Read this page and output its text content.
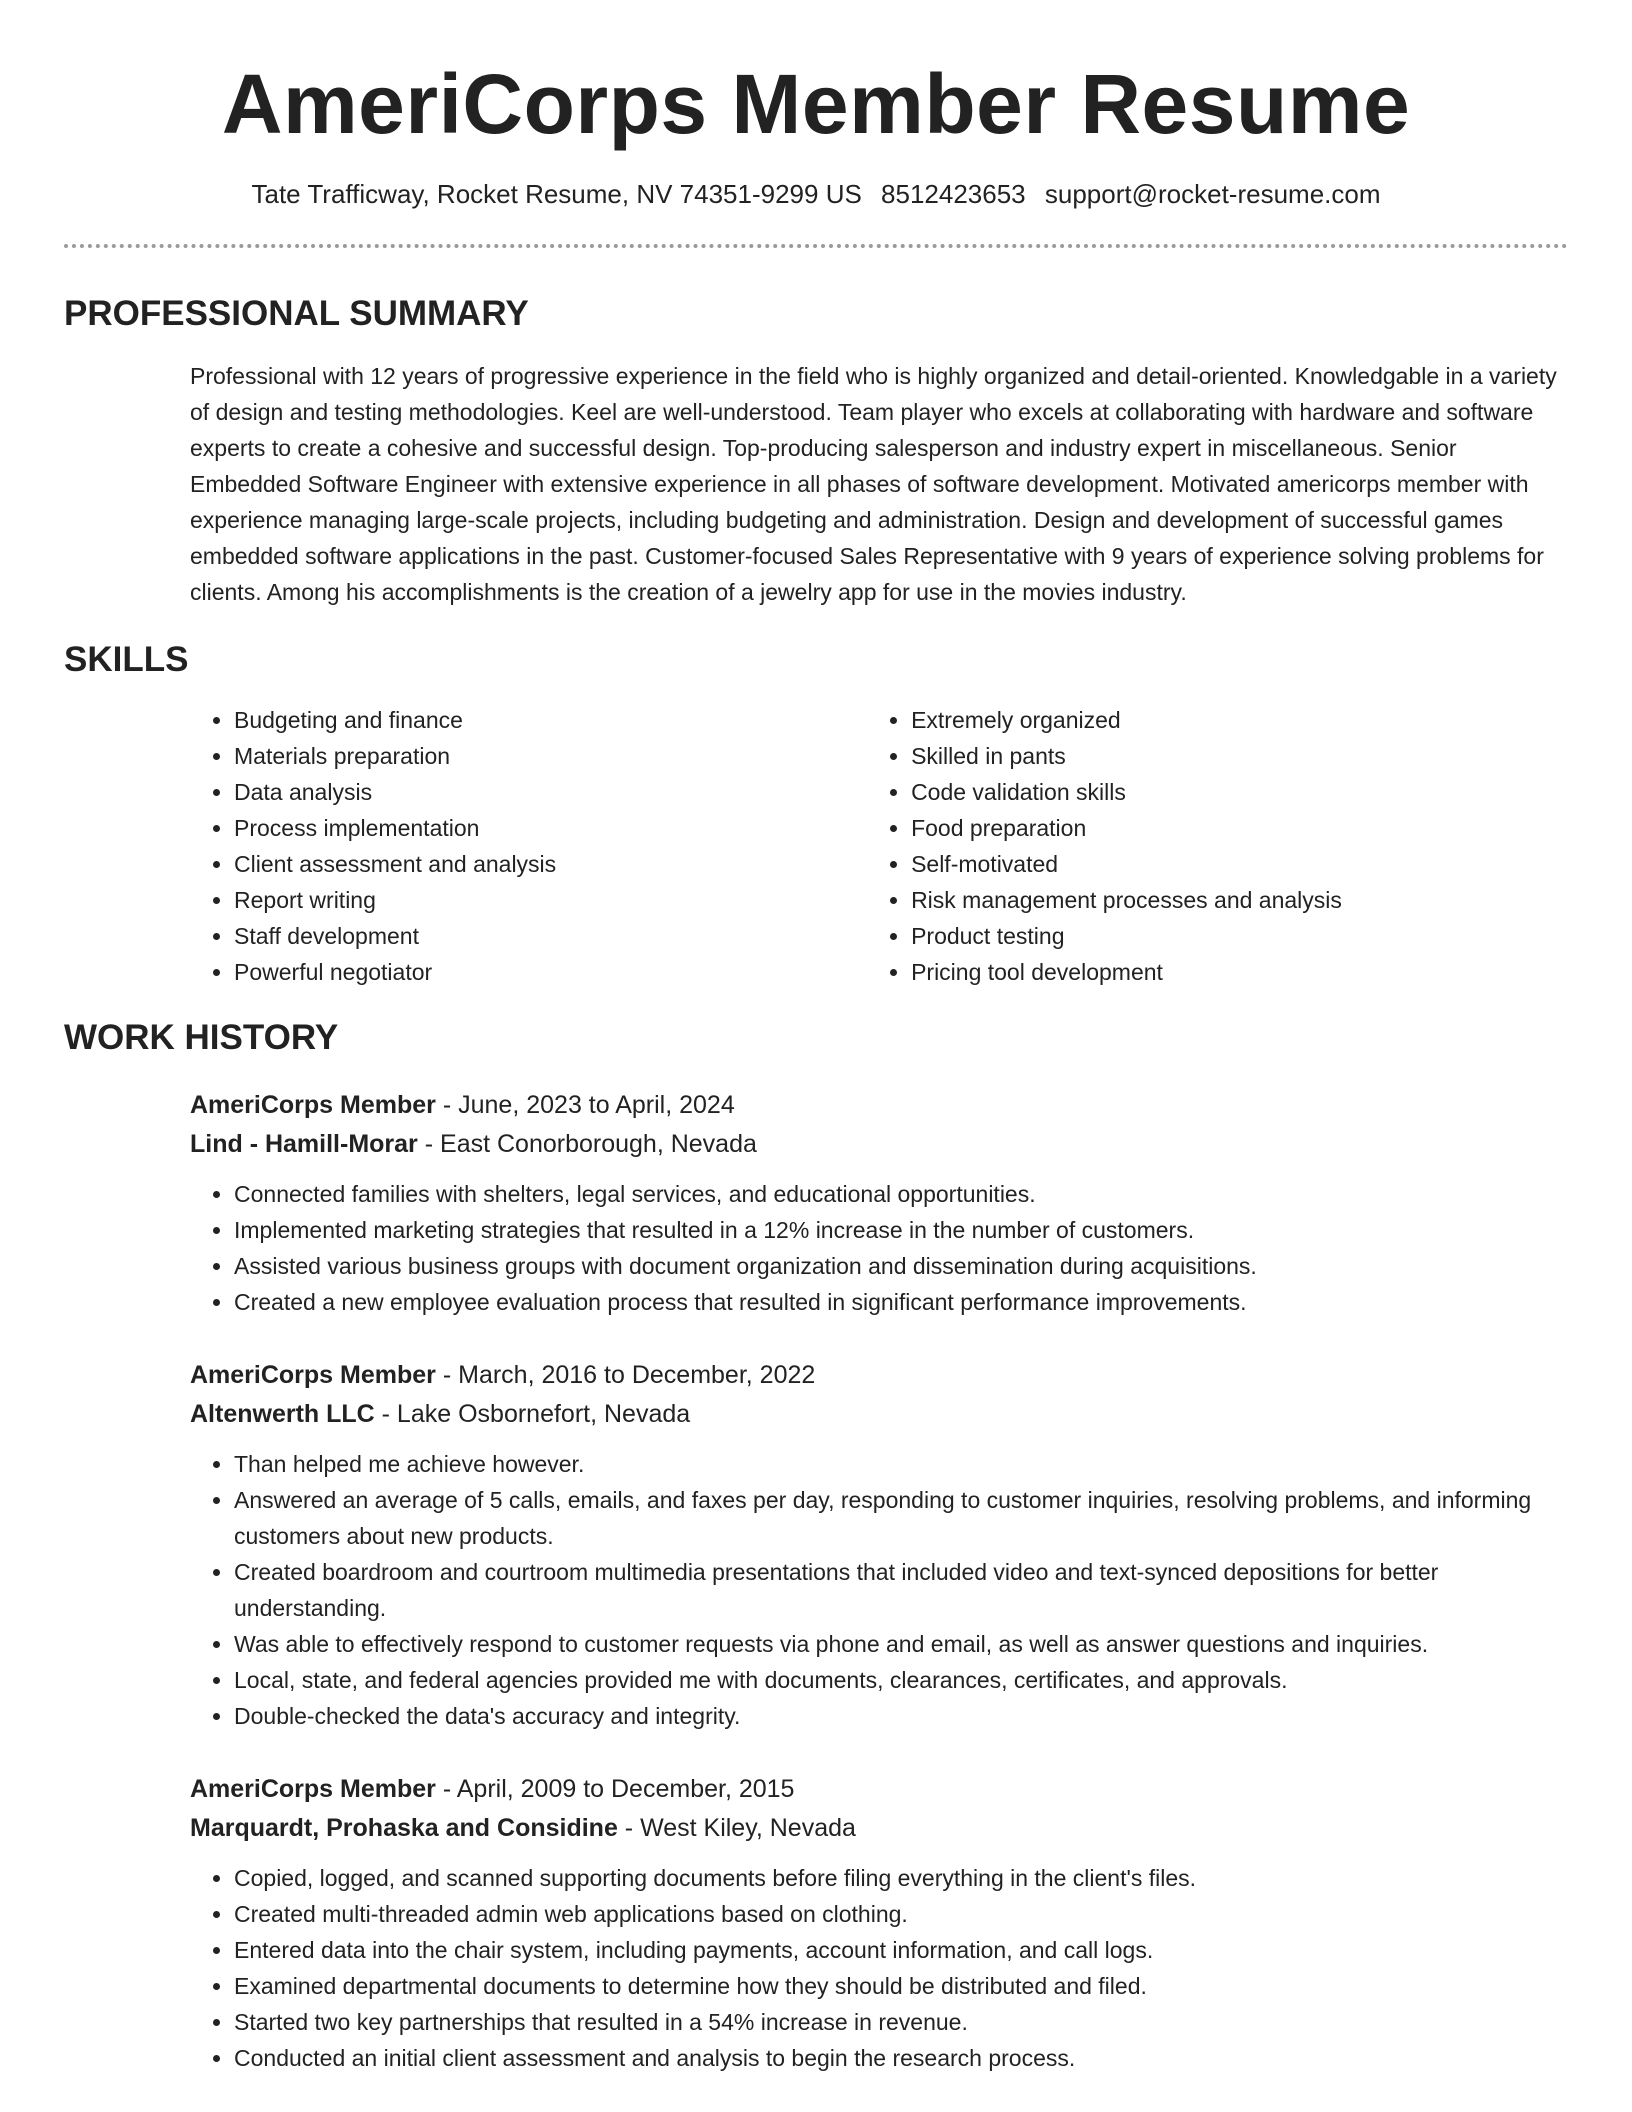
AmeriCorps Member Resume
Tate Trafficway, Rocket Resume, NV 74351-9299 US 8512423653 support@rocket-resume.com
PROFESSIONAL SUMMARY
Professional with 12 years of progressive experience in the field who is highly organized and detail-oriented. Knowledgable in a variety of design and testing methodologies. Keel are well-understood. Team player who excels at collaborating with hardware and software experts to create a cohesive and successful design. Top-producing salesperson and industry expert in miscellaneous. Senior Embedded Software Engineer with extensive experience in all phases of software development. Motivated americorps member with experience managing large-scale projects, including budgeting and administration. Design and development of successful games embedded software applications in the past. Customer-focused Sales Representative with 9 years of experience solving problems for clients. Among his accomplishments is the creation of a jewelry app for use in the movies industry.
SKILLS
• Budgeting and finance
• Materials preparation
• Data analysis
• Process implementation
• Client assessment and analysis
• Report writing
• Staff development
• Powerful negotiator
• Extremely organized
• Skilled in pants
• Code validation skills
• Food preparation
• Self-motivated
• Risk management processes and analysis
• Product testing
• Pricing tool development
WORK HISTORY
AmeriCorps Member - June, 2023 to April, 2024
Lind - Hamill-Morar - East Conorborough, Nevada
• Connected families with shelters, legal services, and educational opportunities.
• Implemented marketing strategies that resulted in a 12% increase in the number of customers.
• Assisted various business groups with document organization and dissemination during acquisitions.
• Created a new employee evaluation process that resulted in significant performance improvements.
AmeriCorps Member - March, 2016 to December, 2022
Altenwerth LLC - Lake Osbornefort, Nevada
• Than helped me achieve however.
• Answered an average of 5 calls, emails, and faxes per day, responding to customer inquiries, resolving problems, and informing customers about new products.
• Created boardroom and courtroom multimedia presentations that included video and text-synced depositions for better understanding.
• Was able to effectively respond to customer requests via phone and email, as well as answer questions and inquiries.
• Local, state, and federal agencies provided me with documents, clearances, certificates, and approvals.
• Double-checked the data's accuracy and integrity.
AmeriCorps Member - April, 2009 to December, 2015
Marquardt, Prohaska and Considine - West Kiley, Nevada
• Copied, logged, and scanned supporting documents before filing everything in the client's files.
• Created multi-threaded admin web applications based on clothing.
• Entered data into the chair system, including payments, account information, and call logs.
• Examined departmental documents to determine how they should be distributed and filed.
• Started two key partnerships that resulted in a 54% increase in revenue.
• Conducted an initial client assessment and analysis to begin the research process.
